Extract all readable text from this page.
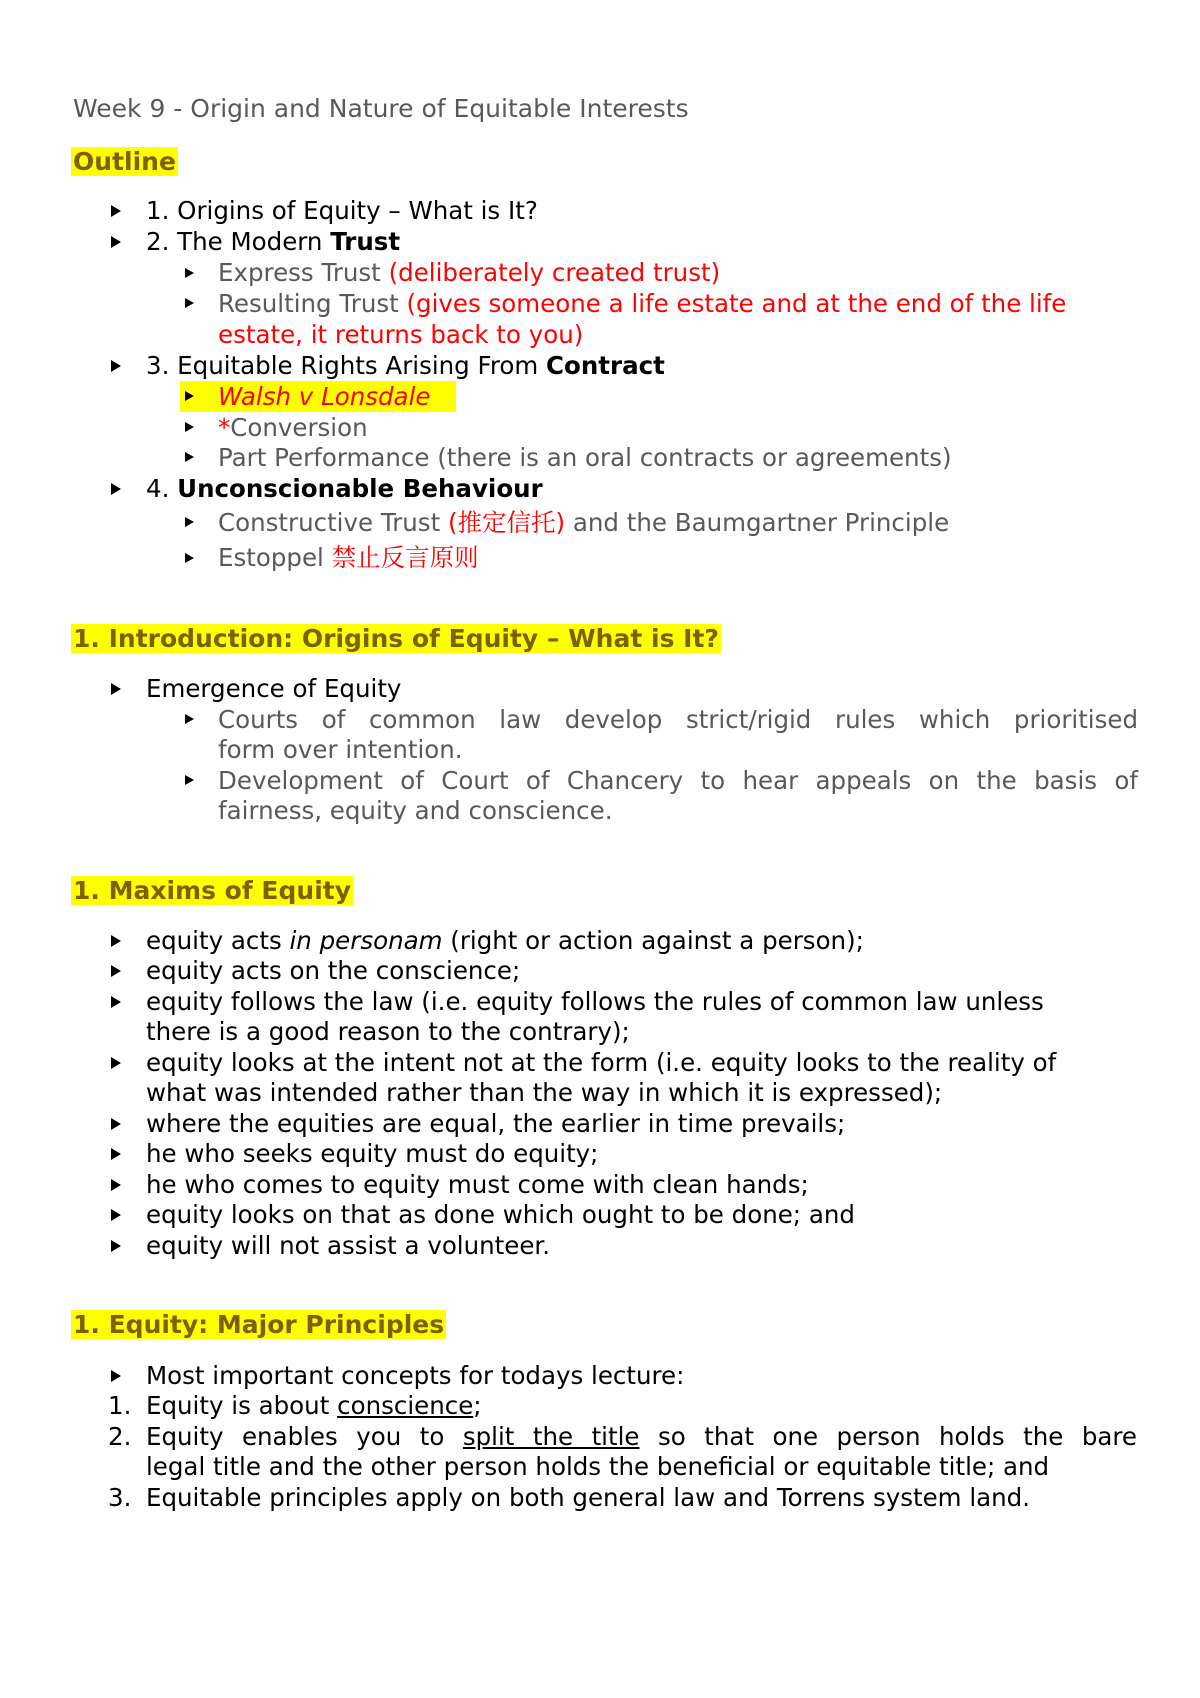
Week 9 - Origin and Nature of Equitable Interests
Outline
1. Origins of Equity – What is It?
2. The Modern Trust
Express Trust (deliberately created trust)
Resulting Trust (gives someone a life estate and at the end of the life
estate, it returns back to you)
3. Equitable Rights Arising From Contract
Walsh v Lonsdale
*Conversion
Part Performance (there is an oral contracts or agreements)
4. Unconscionable Behaviour
Constructive Trust (推定信托) and the Baumgartner Principle
Estoppel 禁止反言原则
1. Introduction: Origins of Equity – What is It?
Emergence of Equity
Courts of common law develop strict/rigid rules which prioritised
form over intention.
Development of Court of Chancery to hear appeals on the basis of
fairness, equity and conscience.
1. Maxims of Equity
equity acts in personam (right or action against a person);
equity acts on the conscience;
equity follows the law (i.e. equity follows the rules of common law unless
there is a good reason to the contrary);
equity looks at the intent not at the form (i.e. equity looks to the reality of
what was intended rather than the way in which it is expressed);
where the equities are equal, the earlier in time prevails;
he who seeks equity must do equity;
he who comes to equity must come with clean hands;
equity looks on that as done which ought to be done; and
equity will not assist a volunteer.
1. Equity: Major Principles
Most important concepts for todays lecture:
1. Equity is about conscience;
2. Equity enables you to split the title so that one person holds the bare
legal title and the other person holds the beneficial or equitable title; and
3. Equitable principles apply on both general law and Torrens system land.
